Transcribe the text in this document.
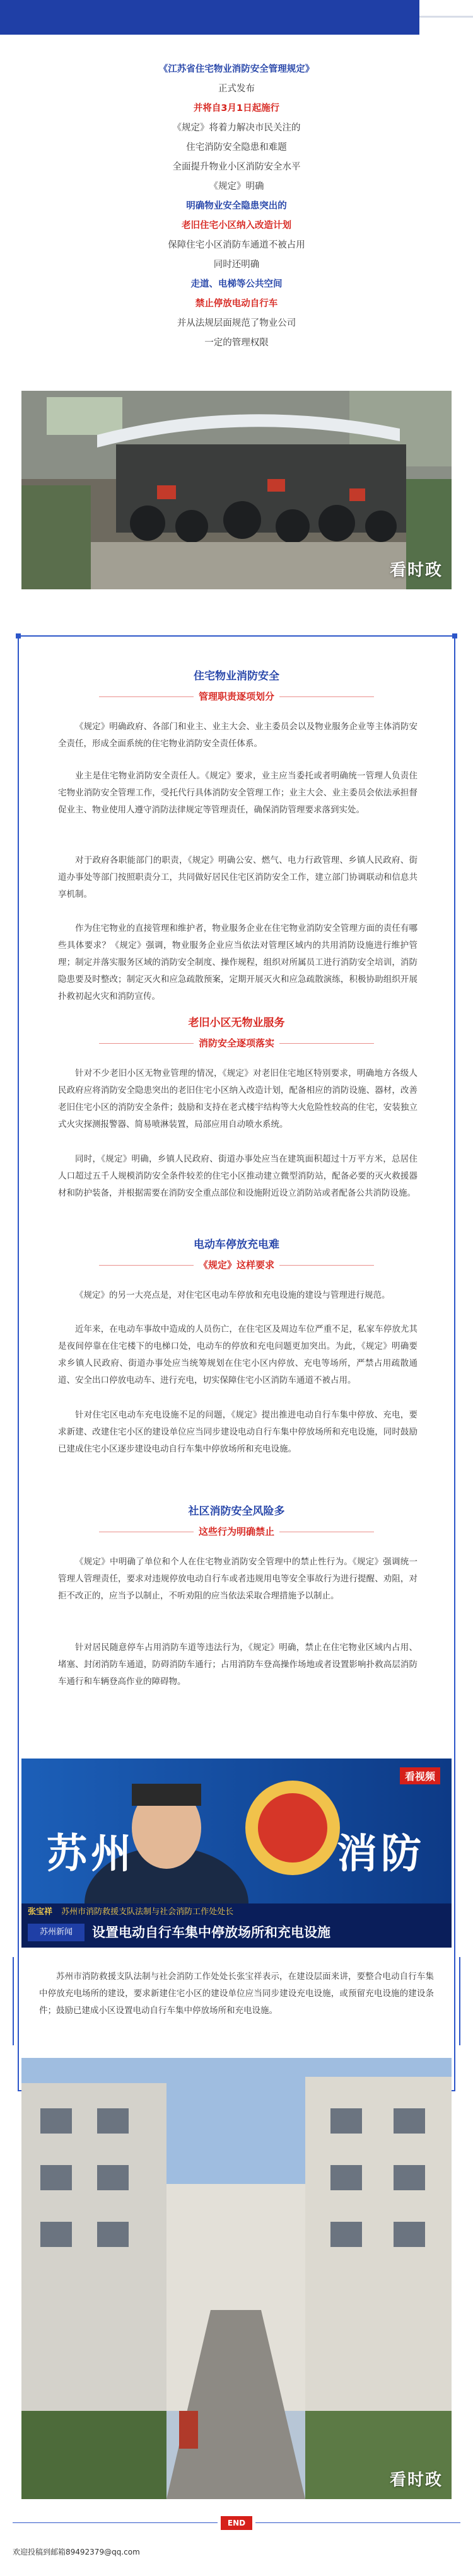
《江苏省住宅物业消防安全管理规定》

正式发布

并将自3月1日起施行

《规定》将着力解决市民关注的

住宅消防安全隐患和难题

全面提升物业小区消防安全水平

《规定》明确

明确物业安全隐患突出的

老旧住宅小区纳入改造计划

保障住宅小区消防车通道不被占用

同时还明确

走道、电梯等公共空间

禁止停放电动自行车

并从法规层面规范了物业公司

一定的管理权限

看时政
住宅物业消防安全
管理职责逐项划分

《规定》明确政府、各部门和业主、业主大会、业主委员会以及物业服务企业等主体消防安全责任，形成全面系统的住宅物业消防安全责任体系。

业主是住宅物业消防安全责任人。《规定》要求，业主应当委托或者明确统一管理人负责住宅物业消防安全管理工作，受托代行具体消防安全管理工作；业主大会、业主委员会依法承担督促业主、物业使用人遵守消防法律规定等管理责任，确保消防管理要求落到实处。

对于政府各职能部门的职责，《规定》明确公安、燃气、电力行政管理、乡镇人民政府、街道办事处等部门按照职责分工，共同做好居民住宅区消防安全工作，建立部门协调联动和信息共享机制。

作为住宅物业的直接管理和维护者，物业服务企业在住宅物业消防安全管理方面的责任有哪些具体要求？《规定》强调，物业服务企业应当依法对管理区域内的共用消防设施进行维护管理；制定并落实服务区域的消防安全制度、操作规程，组织对所属员工进行消防安全培训，消防隐患要及时整改；制定灭火和应急疏散预案，定期开展灭火和应急疏散演练，积极协助组织开展扑救初起火灾和消防宣传。

老旧小区无物业服务
消防安全逐项落实

针对不少老旧小区无物业管理的情况，《规定》对老旧住宅地区特别要求，明确地方各级人民政府应将消防安全隐患突出的老旧住宅小区纳入改造计划，配备相应的消防设施、器材，改善老旧住宅小区的消防安全条件；鼓励和支持在老式楼宇结构等大火危险性较高的住宅，安装独立式火灾探测报警器、简易喷淋装置，局部应用自动喷水系统。

同时，《规定》明确，乡镇人民政府、街道办事处应当在建筑面积超过十万平方米，总居住人口超过五千人规模消防安全条件较差的住宅小区推动建立微型消防站，配备必要的灭火救援器材和防护装备，并根据需要在消防安全重点部位和设施附近设立消防站或者配备公共消防设施。

电动车停放充电难
《规定》这样要求

《规定》的另一大亮点是，对住宅区电动车停放和充电设施的建设与管理进行规范。

近年来，在电动车事故中造成的人员伤亡，在住宅区及周边车位严重不足，私家车停放尤其是夜间停靠在住宅楼下的电梯口处，电动车的停放和充电问题更加突出。为此，《规定》明确要求乡镇人民政府、街道办事处应当统筹规划在住宅小区内停放、充电等场所，严禁占用疏散通道、安全出口停放电动车、进行充电，切实保障住宅小区消防车通道不被占用。

针对住宅区电动车充电设施不足的问题，《规定》提出推进电动自行车集中停放、充电，要求新建、改建住宅小区的建设单位应当同步建设电动自行车集中停放场所和充电设施，同时鼓励已建成住宅小区逐步建设电动自行车集中停放场所和充电设施。

社区消防安全风险多
这些行为明确禁止

《规定》中明确了单位和个人在住宅物业消防安全管理中的禁止性行为。《规定》强调统一管理人管理责任，要求对违规停放电动自行车或者违规用电等安全事故行为进行提醒、劝阻，对拒不改正的，应当予以制止，不听劝阻的应当依法采取合理措施予以制止。

针对居民随意停车占用消防车道等违法行为，《规定》明确，禁止在住宅物业区域内占用、堵塞、封闭消防车通道，防碍消防车通行；占用消防车登高操作场地或者设置影响扑救高层消防车通行和车辆登高作业的障碍物。

看视频
苏州	消防
张宝祥 苏州市消防救援支队法制与社会消防工作处处长
苏州新闻	设置电动自行车集中停放场所和充电设施

苏州市消防救援支队法制与社会消防工作处处长张宝祥表示，在建设层面来讲，要整合电动自行车集中停放充电场所的建设，要求新建住宅小区的建设单位应当同步建设充电设施，或预留充电设施的建设条件；鼓励已建成小区设置电动自行车集中停放场所和充电设施。

看时政
END
欢迎投稿到邮箱89492379@qq.com
